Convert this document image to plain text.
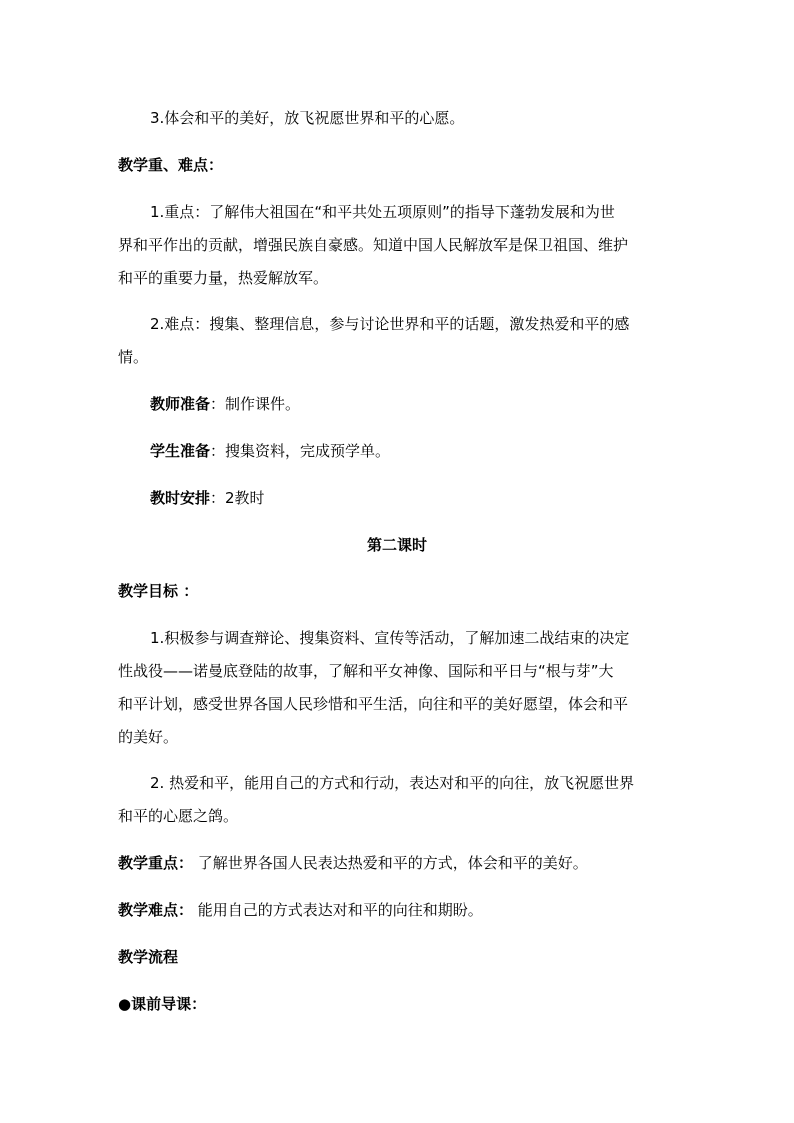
3.体会和平的美好，放飞祝愿世界和平的心愿。
教学重、难点：
1.重点：了解伟大祖国在“和平共处五项原则”的指导下蓬勃发展和为世
界和平作出的贡献，增强民族自豪感。知道中国人民解放军是保卫祖国、维护
和平的重要力量，热爱解放军。
2.难点：搜集、整理信息，参与讨论世界和平的话题，激发热爱和平的感
情。
教师准备：制作课件。
学生准备：搜集资料，完成预学单。
教时安排：2教时
第二课时
教学目标 ：
1.积极参与调查辩论、搜集资料、宣传等活动，了解加速二战结束的决定
性战役——诺曼底登陆的故事，了解和平女神像、国际和平日与“根与芽”大
和平计划，感受世界各国人民珍惜和平生活，向往和平的美好愿望，体会和平
的美好。
2. 热爱和平，能用自己的方式和行动，表达对和平的向往，放飞祝愿世界
和平的心愿之鸽。
教学重点： 了解世界各国人民表达热爱和平的方式，体会和平的美好。
教学难点： 能用自己的方式表达对和平的向往和期盼。
教学流程
●课前导课：
